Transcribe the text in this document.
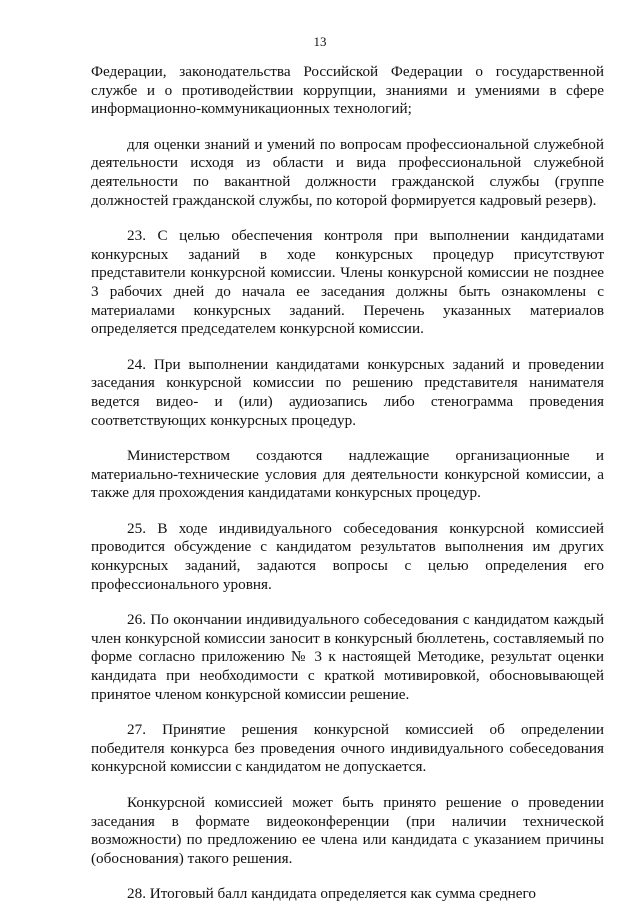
13

Федерации, законодательства Российской Федерации о государственной службе и о противодействии коррупции, знаниями и умениями в сфере информационно-коммуникационных технологий;

для оценки знаний и умений по вопросам профессиональной служебной деятельности исходя из области и вида профессиональной служебной деятельности по вакантной должности гражданской службы (группе должностей гражданской службы, по которой формируется кадровый резерв).

23. С целью обеспечения контроля при выполнении кандидатами конкурсных заданий в ходе конкурсных процедур присутствуют представители конкурсной комиссии. Члены конкурсной комиссии не позднее 3 рабочих дней до начала ее заседания должны быть ознакомлены с материалами конкурсных заданий. Перечень указанных материалов определяется председателем конкурсной комиссии.

24. При выполнении кандидатами конкурсных заданий и проведении заседания конкурсной комиссии по решению представителя нанимателя ведется видео- и (или) аудиозапись либо стенограмма проведения соответствующих конкурсных процедур.

Министерством создаются надлежащие организационные и материально-технические условия для деятельности конкурсной комиссии, а также для прохождения кандидатами конкурсных процедур.

25. В ходе индивидуального собеседования конкурсной комиссией проводится обсуждение с кандидатом результатов выполнения им других конкурсных заданий, задаются вопросы с целью определения его профессионального уровня.

26. По окончании индивидуального собеседования с кандидатом каждый член конкурсной комиссии заносит в конкурсный бюллетень, составляемый по форме согласно приложению № 3 к настоящей Методике, результат оценки кандидата при необходимости с краткой мотивировкой, обосновывающей принятое членом конкурсной комиссии решение.

27. Принятие решения конкурсной комиссией об определении победителя конкурса без проведения очного индивидуального собеседования конкурсной комиссии с кандидатом не допускается.

Конкурсной комиссией может быть принято решение о проведении заседания в формате видеоконференции (при наличии технической возможности) по предложению ее члена или кандидата с указанием причины (обоснования) такого решения.

28. Итоговый балл кандидата определяется как сумма среднего
